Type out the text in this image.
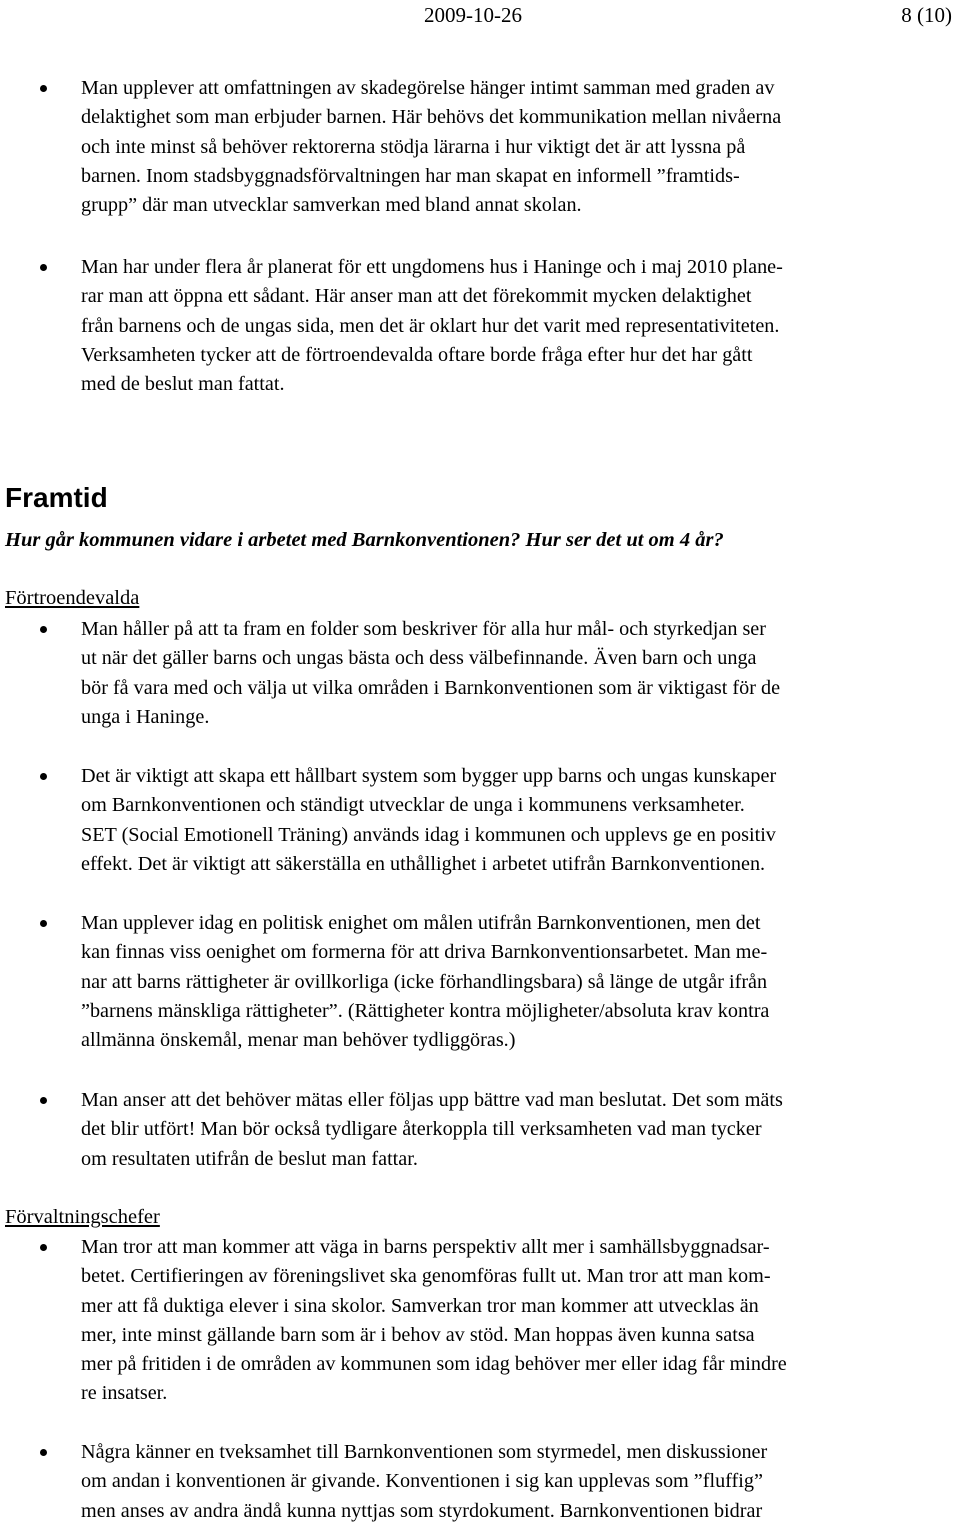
2009-10-26	8 (10)
Man upplever att omfattningen av skadegörelse hänger intimt samman med graden av
delaktighet som man erbjuder barnen. Här behövs det kommunikation mellan nivåerna
och inte minst så behöver rektorerna stödja lärarna i hur viktigt det är att lyssna på
barnen. Inom stadsbyggnadsförvaltningen har man skapat en informell ”framtids-
grupp” där man utvecklar samverkan med bland annat skolan.
Man har under flera år planerat för ett ungdomens hus i Haninge och i maj 2010 plane-
rar man att öppna ett sådant. Här anser man att det förekommit mycken delaktighet
från barnens och de ungas sida, men det är oklart hur det varit med representativiteten.
Verksamheten tycker att de förtroendevalda oftare borde fråga efter hur det har gått
med de beslut man fattat.
Framtid
Hur går kommunen vidare i arbetet med Barnkonventionen? Hur ser det ut om 4 år?
Förtroendevalda
Man håller på att ta fram en folder som beskriver för alla hur mål- och styrkedjan ser
ut när det gäller barns och ungas bästa och dess välbefinnande. Även barn och unga
bör få vara med och välja ut vilka områden i Barnkonventionen som är viktigast för de
unga i Haninge.
Det är viktigt att skapa ett hållbart system som bygger upp barns och ungas kunskaper
om Barnkonventionen och ständigt utvecklar de unga i kommunens verksamheter.
SET (Social Emotionell Träning) används idag i kommunen och upplevs ge en positiv
effekt. Det är viktigt att säkerställa en uthållighet i arbetet utifrån Barnkonventionen.
Man upplever idag en politisk enighet om målen utifrån Barnkonventionen, men det
kan finnas viss oenighet om formerna för att driva Barnkonventionsarbetet. Man me-
nar att barns rättigheter är ovillkorliga (icke förhandlingsbara) så länge de utgår ifrån
”barnens mänskliga rättigheter”. (Rättigheter kontra möjligheter/absoluta krav kontra
allmänna önskemål, menar man behöver tydliggöras.)
Man anser att det behöver mätas eller följas upp bättre vad man beslutat. Det som mäts
det blir utfört! Man bör också tydligare återkoppla till verksamheten vad man tycker
om resultaten utifrån de beslut man fattar.
Förvaltningschefer
Man tror att man kommer att väga in barns perspektiv allt mer i samhällsbyggnadsar-
betet. Certifieringen av föreningslivet ska genomföras fullt ut. Man tror att man kom-
mer att få duktiga elever i sina skolor. Samverkan tror man kommer att utvecklas än
mer, inte minst gällande barn som är i behov av stöd. Man hoppas även kunna satsa
mer på fritiden i de områden av kommunen som idag behöver mer eller idag får mindre
re insatser.
Några känner en tveksamhet till Barnkonventionen som styrmedel, men diskussioner
om andan i konventionen är givande. Konventionen i sig kan upplevas som ”fluffig”
men anses av andra ändå kunna nyttjas som styrdokument. Barnkonventionen bidrar
